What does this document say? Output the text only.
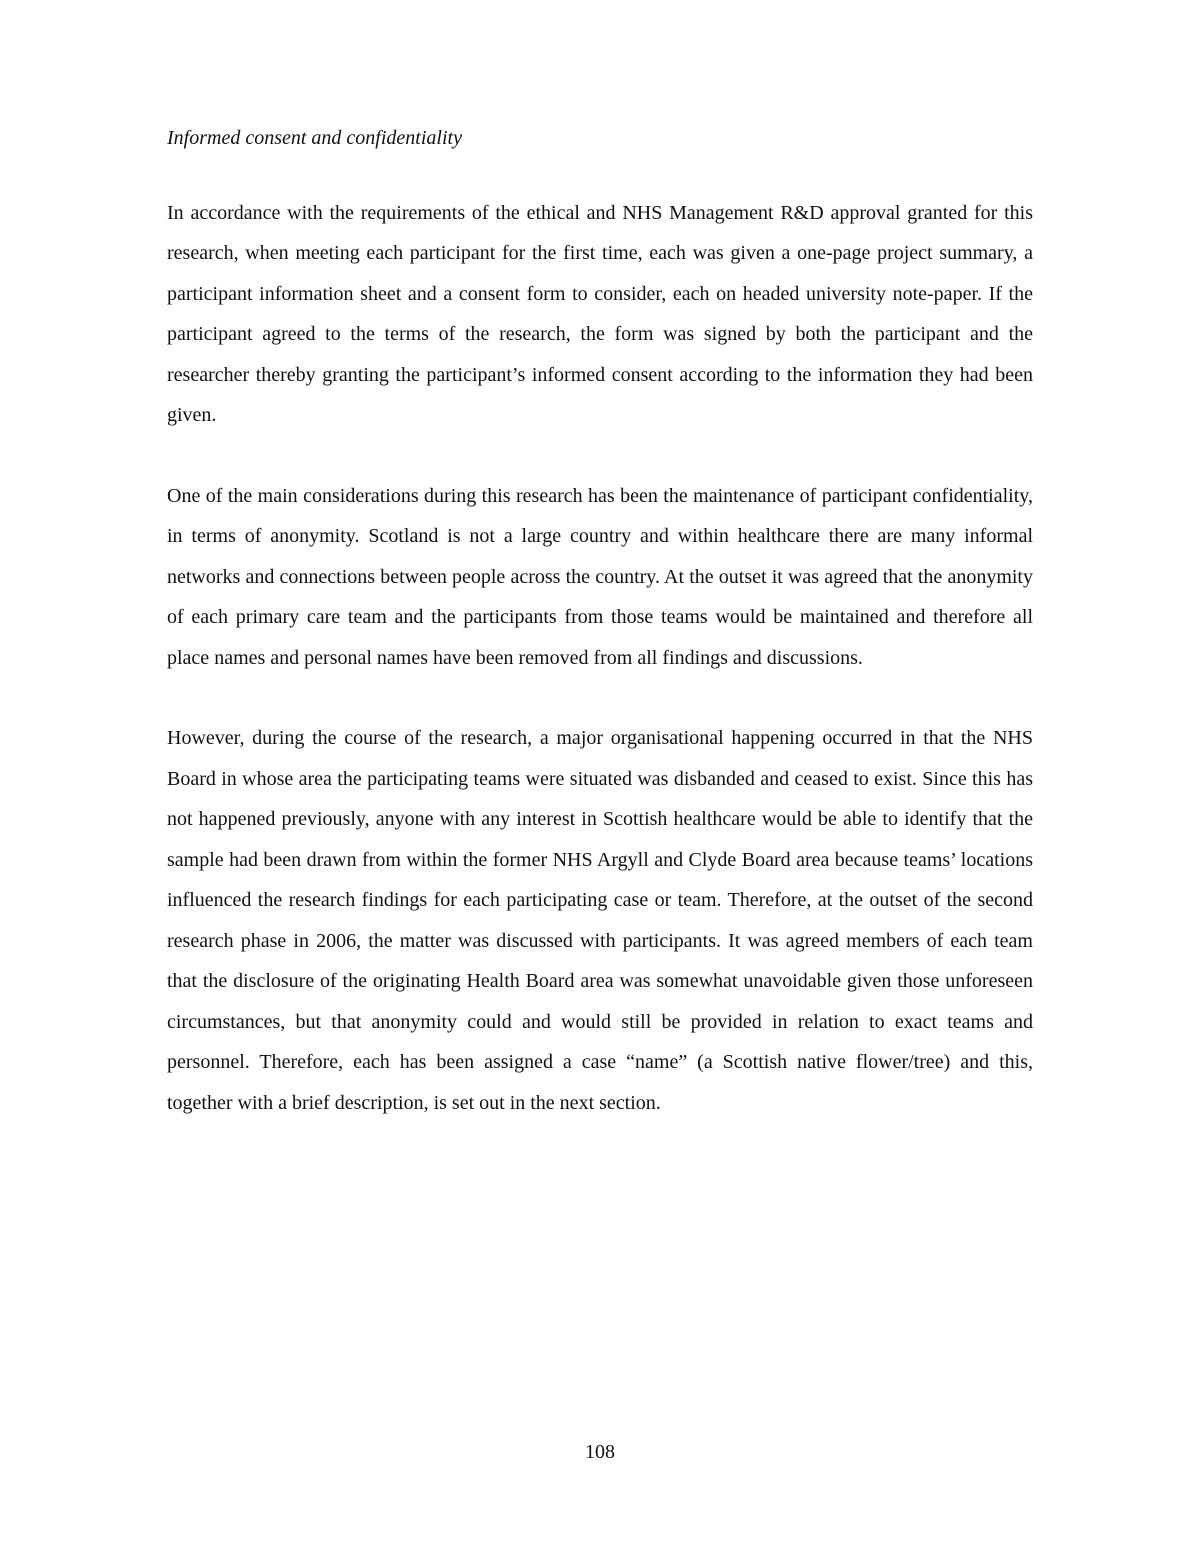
Informed consent and confidentiality

In accordance with the requirements of the ethical and NHS Management R&D approval granted for this research, when meeting each participant for the first time, each was given a one-page project summary, a participant information sheet and a consent form to consider, each on headed university note-paper. If the participant agreed to the terms of the research, the form was signed by both the participant and the researcher thereby granting the participant’s informed consent according to the information they had been given.

One of the main considerations during this research has been the maintenance of participant confidentiality, in terms of anonymity. Scotland is not a large country and within healthcare there are many informal networks and connections between people across the country. At the outset it was agreed that the anonymity of each primary care team and the participants from those teams would be maintained and therefore all place names and personal names have been removed from all findings and discussions.

However, during the course of the research, a major organisational happening occurred in that the NHS Board in whose area the participating teams were situated was disbanded and ceased to exist. Since this has not happened previously, anyone with any interest in Scottish healthcare would be able to identify that the sample had been drawn from within the former NHS Argyll and Clyde Board area because teams’ locations influenced the research findings for each participating case or team. Therefore, at the outset of the second research phase in 2006, the matter was discussed with participants. It was agreed members of each team that the disclosure of the originating Health Board area was somewhat unavoidable given those unforeseen circumstances, but that anonymity could and would still be provided in relation to exact teams and personnel. Therefore, each has been assigned a case “name” (a Scottish native flower/tree) and this, together with a brief description, is set out in the next section.

108
